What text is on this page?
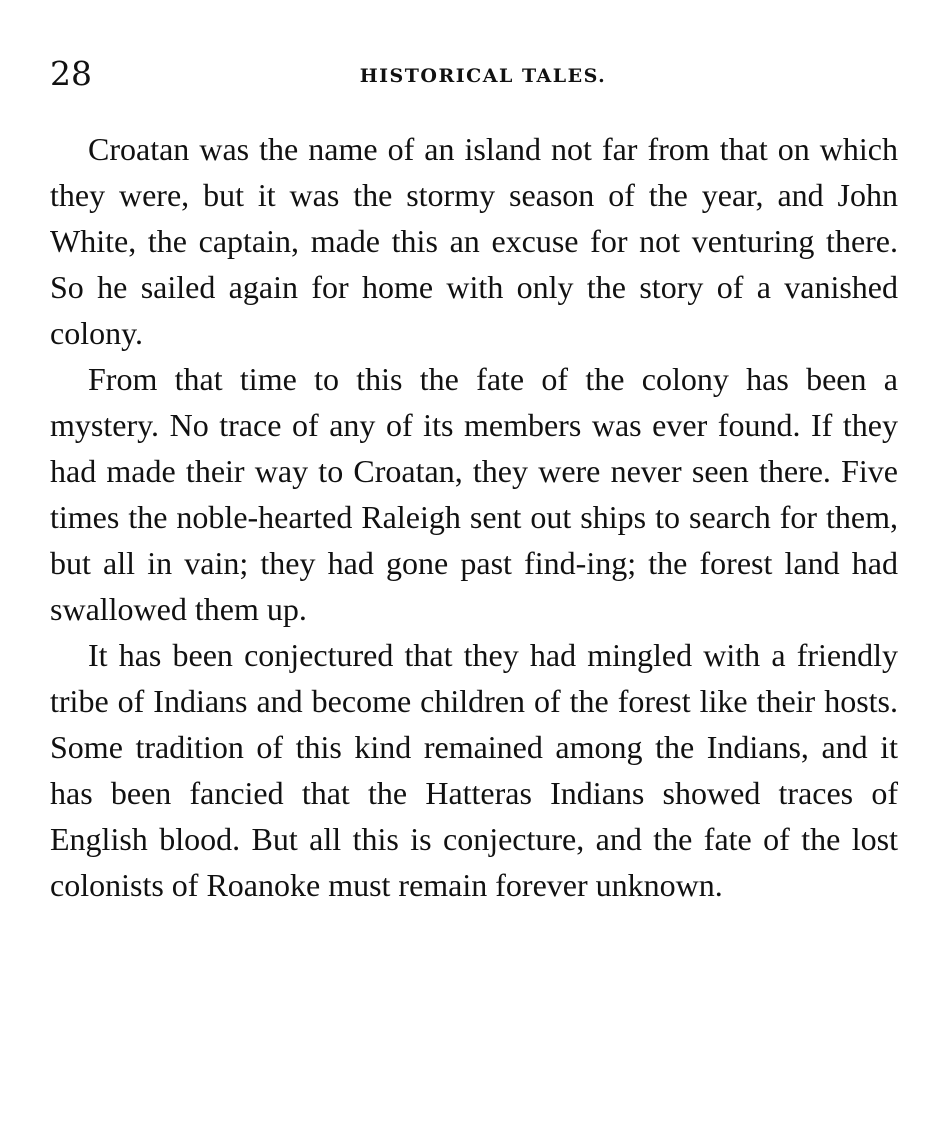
28	HISTORICAL TALES.

Croatan was the name of an island not far from that on which they were, but it was the stormy season of the year, and John White, the captain, made this an excuse for not venturing there. So he sailed again for home with only the story of a vanished colony.

From that time to this the fate of the colony has been a mystery. No trace of any of its members was ever found. If they had made their way to Croatan, they were never seen there. Five times the noble-hearted Raleigh sent out ships to search for them, but all in vain; they had gone past find-ing; the forest land had swallowed them up.

It has been conjectured that they had mingled with a friendly tribe of Indians and become children of the forest like their hosts. Some tradition of this kind remained among the Indians, and it has been fancied that the Hatteras Indians showed traces of English blood. But all this is conjecture, and the fate of the lost colonists of Roanoke must remain forever unknown.
